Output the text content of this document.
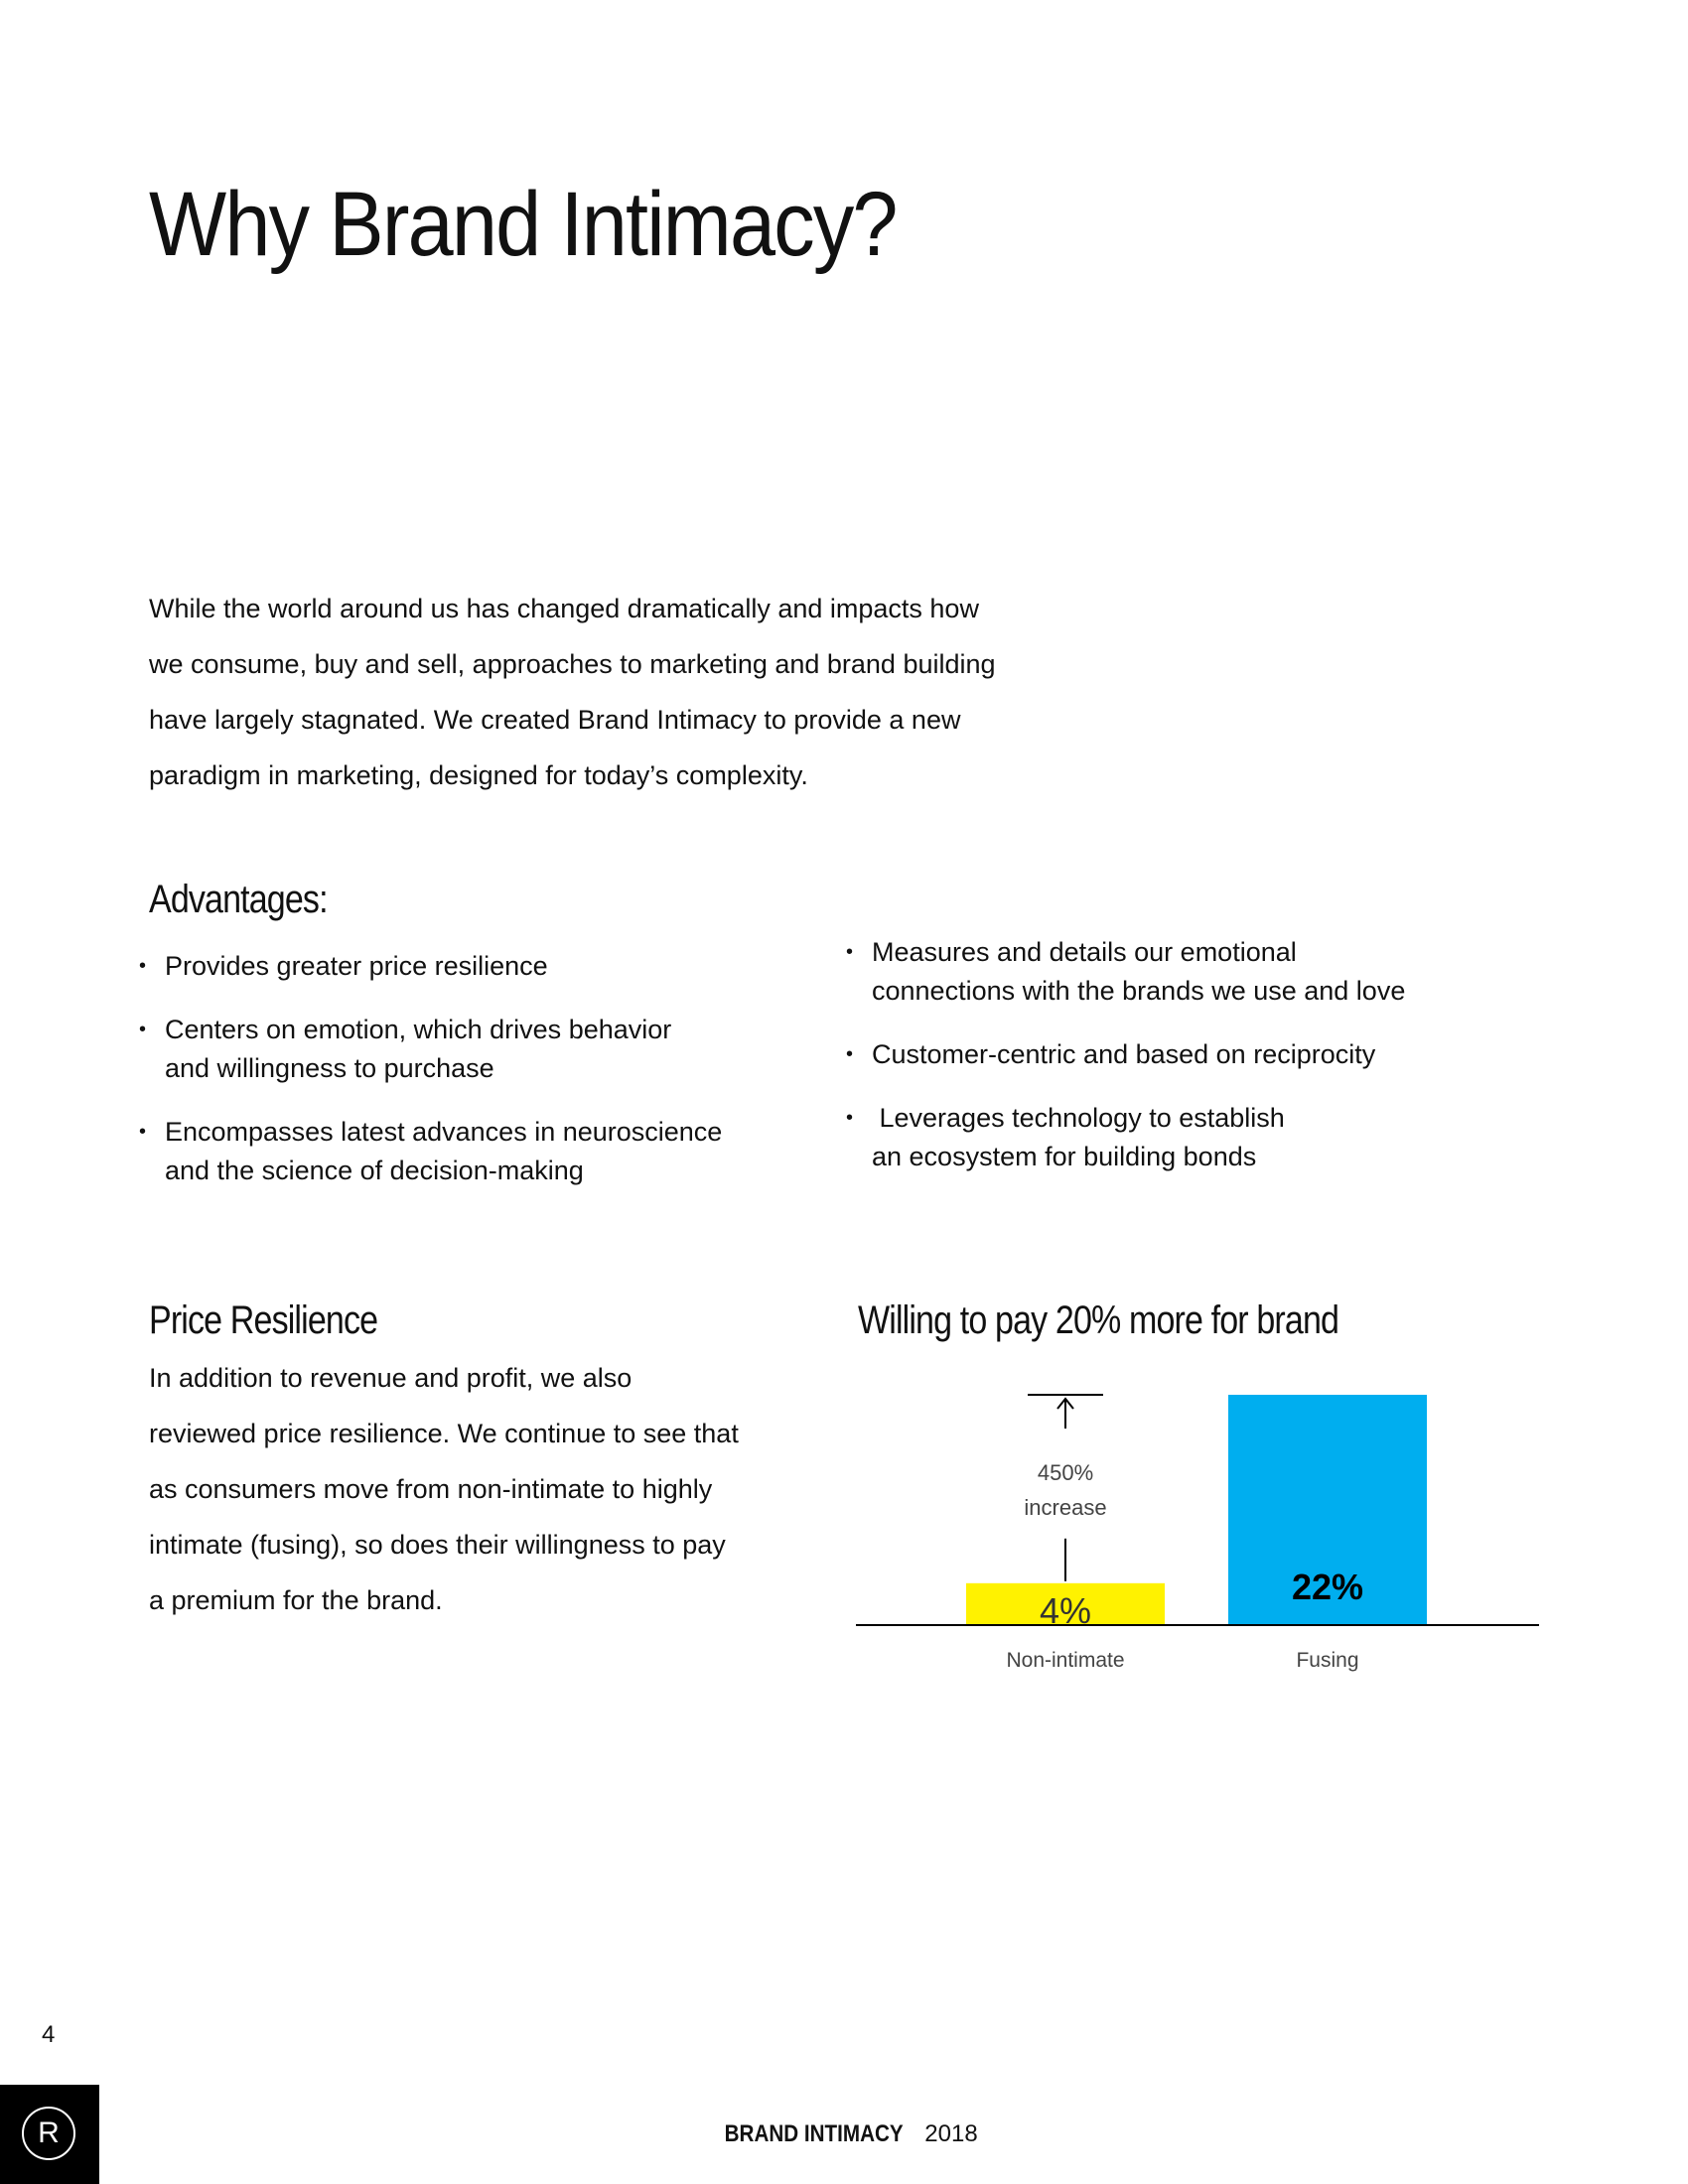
Why Brand Intimacy?
While the world around us has changed dramatically and impacts how
we consume, buy and sell, approaches to marketing and brand building
have largely stagnated. We created Brand Intimacy to provide a new
paradigm in marketing, designed for today’s complexity.
Advantages:
• Provides greater price resilience
• Centers on emotion, which drives behavior
and willingness to purchase
• Encompasses latest advances in neuroscience
and the science of decision-making
• Measures and details our emotional
connections with the brands we use and love
• Customer-centric and based on reciprocity
• Leverages technology to establish
an ecosystem for building bonds
Price Resilience
In addition to revenue and profit, we also
reviewed price resilience. We continue to see that
as consumers move from non-intimate to highly
intimate (fusing), so does their willingness to pay
a premium for the brand.
Willing to pay 20% more for brand
4%
22%
Non-intimate	Fusing
450%
increase
4
BRAND INTIMACY 2018
R
